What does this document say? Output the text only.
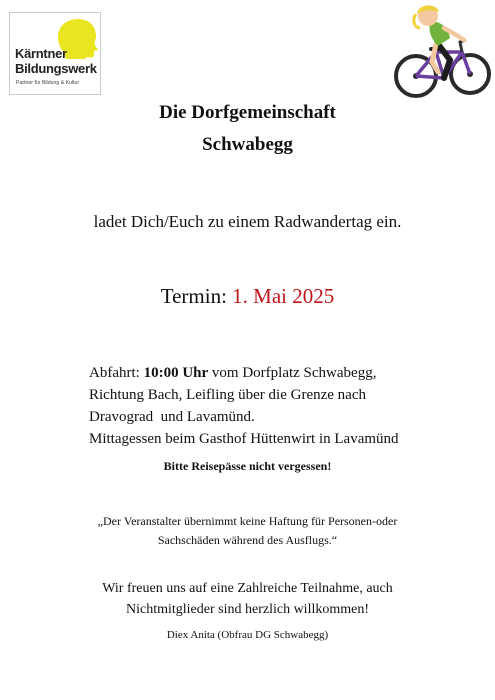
Kärntner
Bildungswerk
Partner für Bildung & Kultur
Die Dorfgemeinschaft
Schwabegg
ladet Dich/Euch zu einem Radwandertag ein.
Termin: 1. Mai 2025
Abfahrt: 10:00 Uhr vom Dorfplatz Schwabegg,
Richtung Bach, Leifling über die Grenze nach
Dravograd  und Lavamünd.
Mittagessen beim Gasthof Hüttenwirt in Lavamünd
Bitte Reisepässe nicht vergessen!
„Der Veranstalter übernimmt keine Haftung für Personen-oder
Sachschäden während des Ausflugs.“
Wir freuen uns auf eine Zahlreiche Teilnahme, auch
Nichtmitglieder sind herzlich willkommen!
Diex Anita (Obfrau DG Schwabegg)
